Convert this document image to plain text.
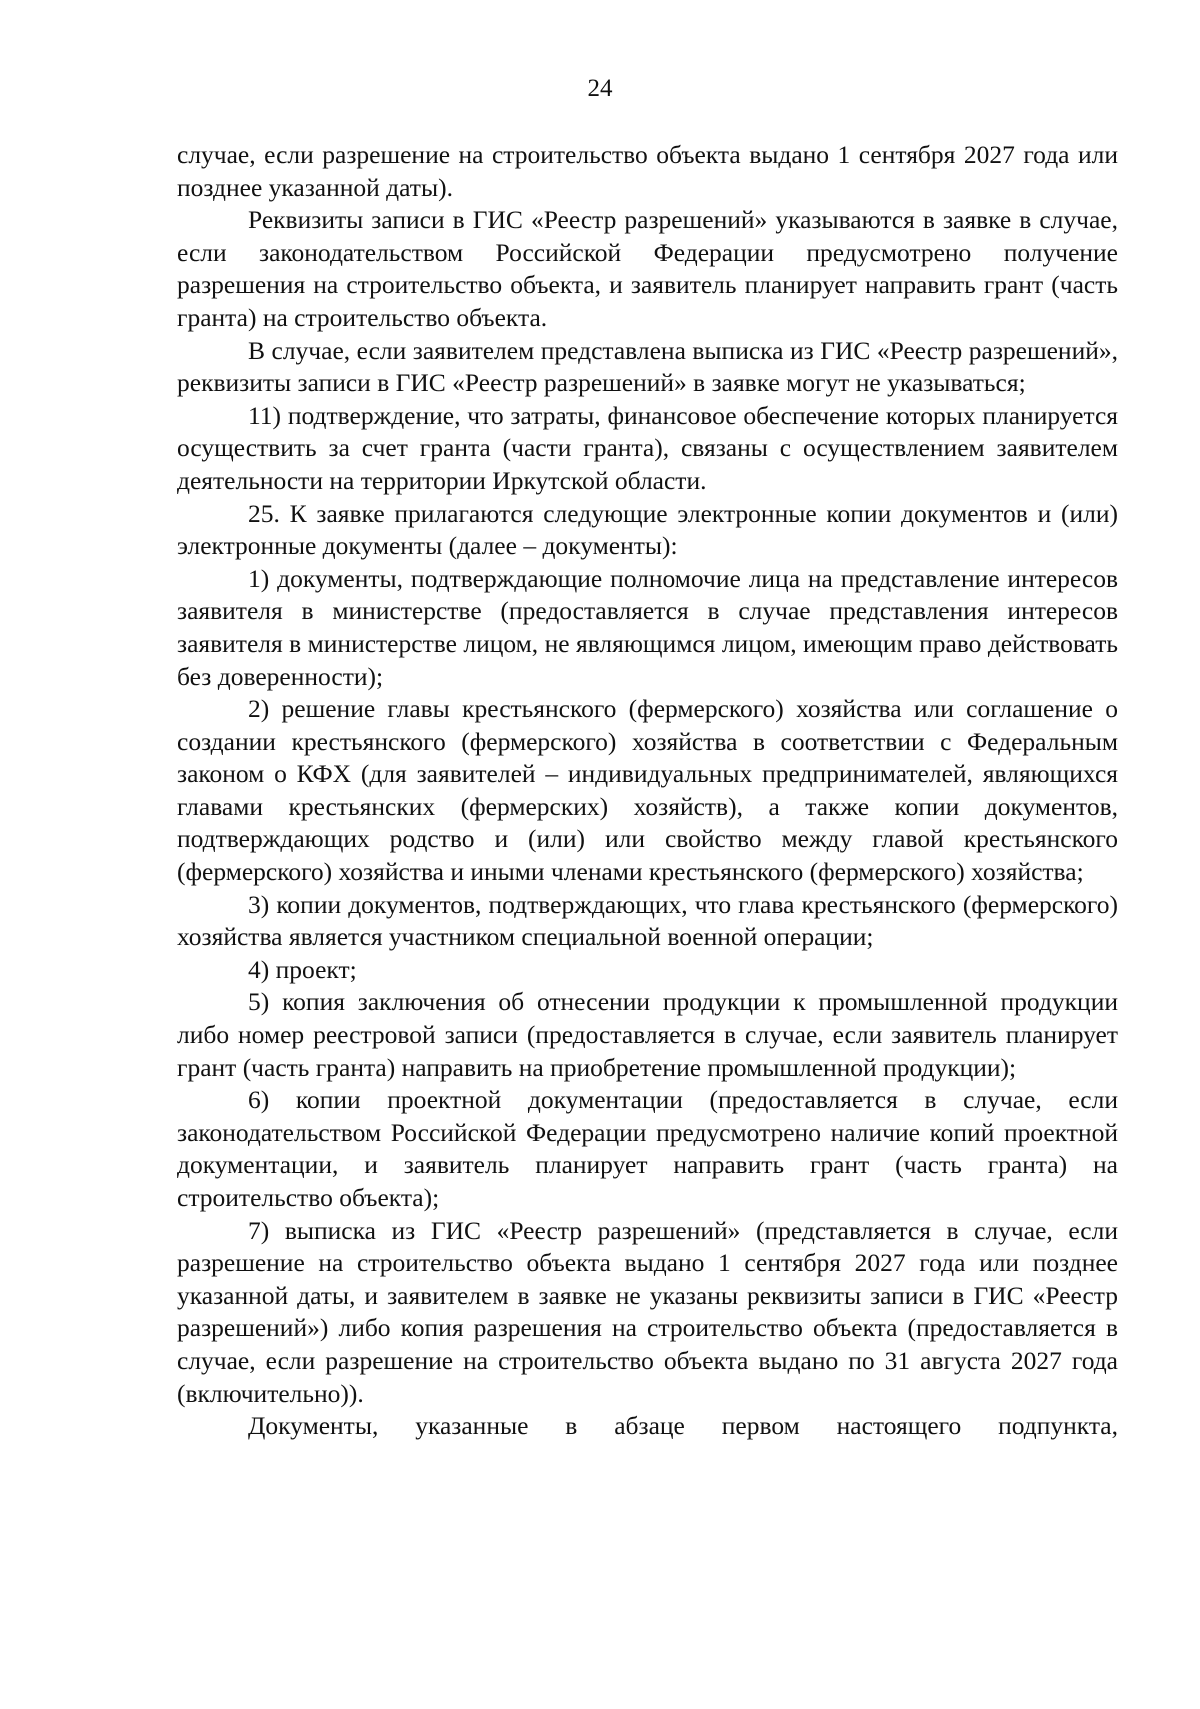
24

случае, если разрешение на строительство объекта выдано 1 сентября 2027 года или позднее указанной даты).

Реквизиты записи в ГИС «Реестр разрешений» указываются в заявке в случае, если законодательством Российской Федерации предусмотрено получение разрешения на строительство объекта, и заявитель планирует направить грант (часть гранта) на строительство объекта.

В случае, если заявителем представлена выписка из ГИС «Реестр разрешений», реквизиты записи в ГИС «Реестр разрешений» в заявке могут не указываться;

11) подтверждение, что затраты, финансовое обеспечение которых планируется осуществить за счет гранта (части гранта), связаны с осуществлением заявителем деятельности на территории Иркутской области.

25. К заявке прилагаются следующие электронные копии документов и (или) электронные документы (далее – документы):

1) документы, подтверждающие полномочие лица на представление интересов заявителя в министерстве (предоставляется в случае представления интересов заявителя в министерстве лицом, не являющимся лицом, имеющим право действовать без доверенности);

2) решение главы крестьянского (фермерского) хозяйства или соглашение о создании крестьянского (фермерского) хозяйства в соответствии с Федеральным законом о КФХ (для заявителей – индивидуальных предпринимателей, являющихся главами крестьянских (фермерских) хозяйств), а также копии документов, подтверждающих родство и (или) или свойство между главой крестьянского (фермерского) хозяйства и иными членами крестьянского (фермерского) хозяйства;

3) копии документов, подтверждающих, что глава крестьянского (фермерского) хозяйства является участником специальной военной операции;

4) проект;

5) копия заключения об отнесении продукции к промышленной продукции либо номер реестровой записи (предоставляется в случае, если заявитель планирует грант (часть гранта) направить на приобретение промышленной продукции);

6) копии проектной документации (предоставляется в случае, если законодательством Российской Федерации предусмотрено наличие копий проектной документации, и заявитель планирует направить грант (часть гранта) на строительство объекта);

7) выписка из ГИС «Реестр разрешений» (представляется в случае, если разрешение на строительство объекта выдано 1 сентября 2027 года или позднее указанной даты, и заявителем в заявке не указаны реквизиты записи в ГИС «Реестр разрешений») либо копия разрешения на строительство объекта (предоставляется в случае, если разрешение на строительство объекта выдано по 31 августа 2027 года (включительно)).

Документы, указанные в абзаце первом настоящего подпункта,
